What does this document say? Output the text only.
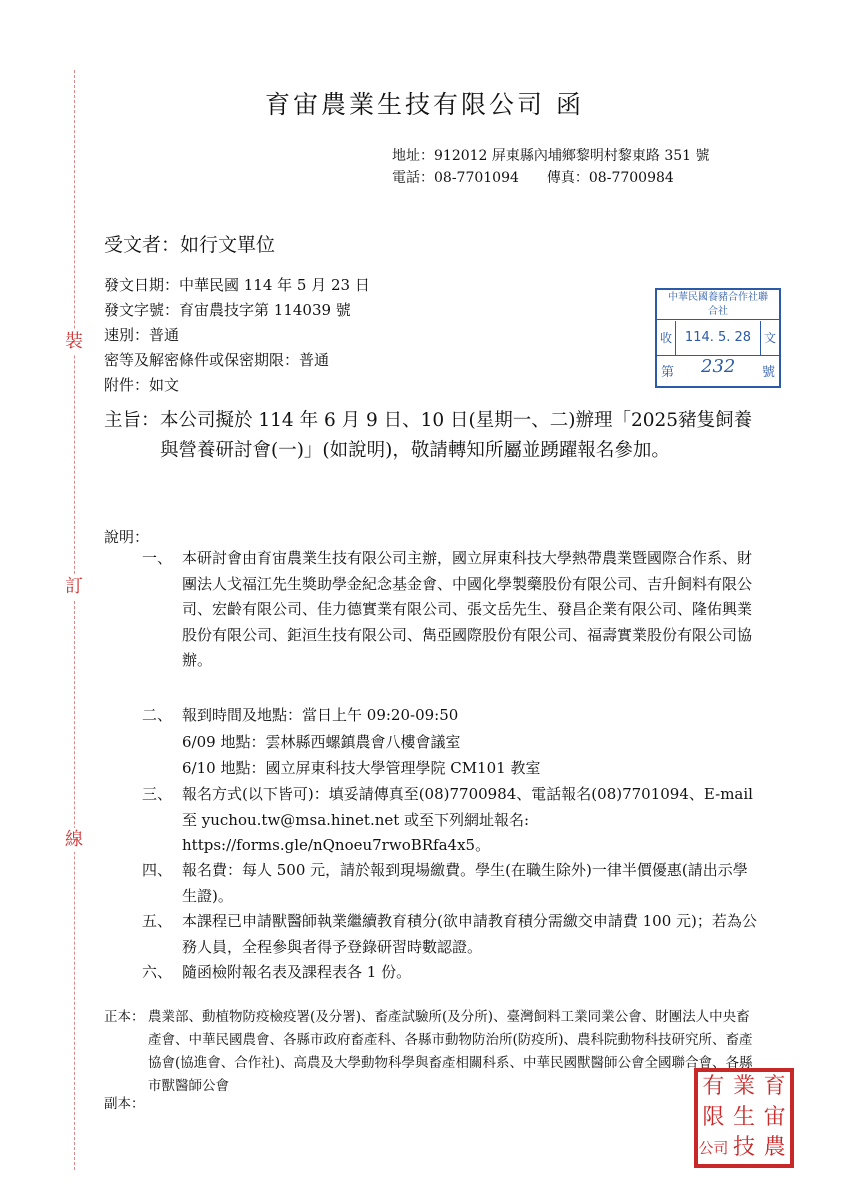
裝
訂
線
育宙農業生技有限公司 函
地址：912012 屏東縣內埔鄉黎明村黎東路 351 號
電話：08-7701094　　傳真：08-7700984
受文者：如行文單位
發文日期：中華民國 114 年 5 月 23 日
發文字號：育宙農技字第 114039 號
速別：普通
密等及解密條件或保密期限：普通
附件：如文
中華民國養豬合作社聯合社
收 114. 5. 28	文
第 232 號
主旨： 本公司擬於 114 年 6 月 9 日、10 日(星期一、二)辦理「2025豬隻飼養與營養研討會(一)」(如說明)，敬請轉知所屬並踴躍報名參加。
說明：
一、 本研討會由育宙農業生技有限公司主辦，國立屏東科技大學熱帶農業暨國際合作系、財團法人戈福江先生獎助學金紀念基金會、中國化學製藥股份有限公司、吉升飼料有限公司、宏齡有限公司、佳力德實業有限公司、張文岳先生、發昌企業有限公司、隆佑興業股份有限公司、鉅洹生技有限公司、雋亞國際股份有限公司、福壽實業股份有限公司協辦。
二、 報到時間及地點：當日上午 09:20-09:50
6/09 地點：雲林縣西螺鎮農會八樓會議室
6/10 地點：國立屏東科技大學管理學院 CM101 教室
三、 報名方式(以下皆可)：填妥請傳真至(08)7700984、電話報名(08)7701094、E-mail 至 yuchou.tw@msa.hinet.net 或至下列網址報名: https://forms.gle/nQnoeu7rwoBRfa4x5。
四、 報名費：每人 500 元，請於報到現場繳費。學生(在職生除外)一律半價優惠(請出示學生證)。
五、 本課程已申請獸醫師執業繼續教育積分(欲申請教育積分需繳交申請費 100 元)；若為公務人員，全程參與者得予登錄研習時數認證。
六、 隨函檢附報名表及課程表各 1 份。
正本： 農業部、動植物防疫檢疫署(及分署)、畜產試驗所(及分所)、臺灣飼料工業同業公會、財團法人中央畜產會、中華民國農會、各縣市政府畜產科、各縣市動物防治所(防疫所)、農科院動物科技研究所、畜產協會(協進會、合作社)、高農及大學動物科學與畜產相關科系、中華民國獸醫師公會全國聯合會、各縣市獸醫師公會
副本：
有 業 育
限 生 宙
公司 技 農
